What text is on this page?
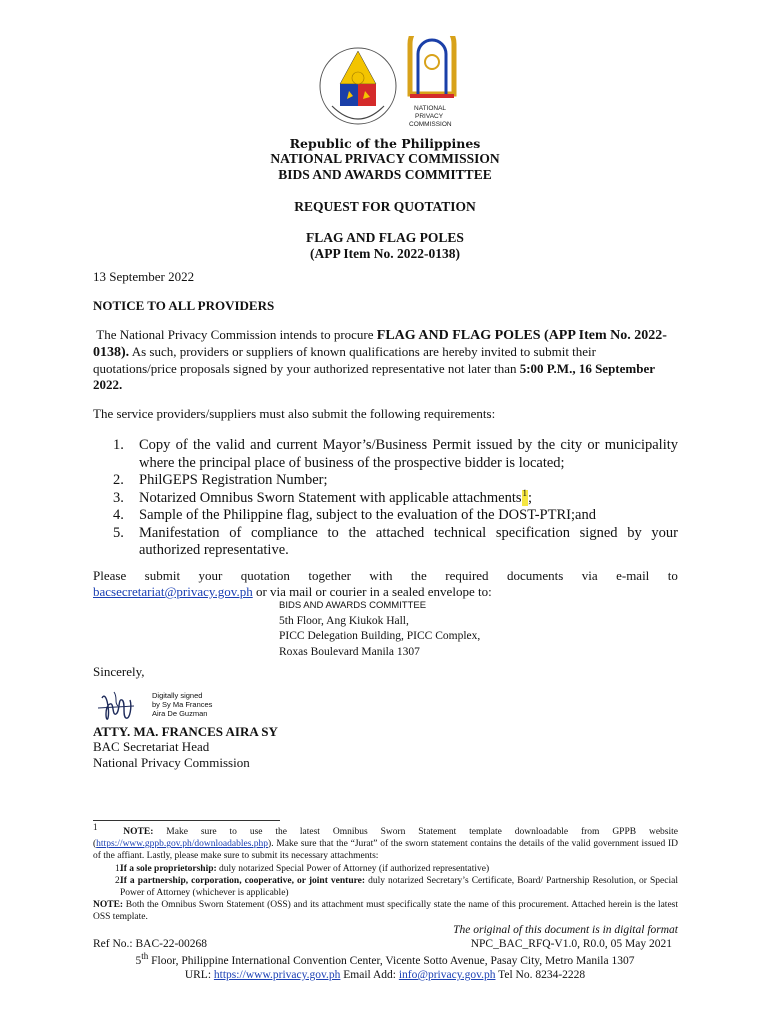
NATIONAL
PRIVACY
COMMISSION
Republic of the Philippines
NATIONAL PRIVACY COMMISSION
BIDS AND AWARDS COMMITTEE
REQUEST FOR QUOTATION
FLAG AND FLAG POLES
(APP Item No. 2022-0138)
13 September 2022
NOTICE TO ALL PROVIDERS
The National Privacy Commission intends to procure FLAG AND FLAG POLES (APP Item No. 2022-0138). As such, providers or suppliers of known qualifications are hereby invited to submit their quotations/price proposals signed by your authorized representative not later than 5:00 P.M., 16 September 2022.
The service providers/suppliers must also submit the following requirements:
1. Copy of the valid and current Mayor’s/Business Permit issued by the city or municipality where the principal place of business of the prospective bidder is located;
2. PhilGEPS Registration Number;
3. Notarized Omnibus Sworn Statement with applicable attachments$^1$;
4. Sample of the Philippine flag, subject to the evaluation of the DOST-PTRI;and
5. Manifestation of compliance to the attached technical specification signed by your authorized representative.
Please submit your quotation together with the required documents via e-mail to
bacsecretariat@privacy.gov.ph or via mail or courier in a sealed envelope to:
BIDS AND AWARDS COMMITTEE
5th Floor, Ang Kiukok Hall,
PICC Delegation Building, PICC Complex,
Roxas Boulevard Manila 1307
Sincerely,
Digitally signed
by Sy Ma Frances
Aira De Guzman
ATTY. MA. FRANCES AIRA SY
BAC Secretariat Head
National Privacy Commission
1  NOTE: Make sure to use the latest Omnibus Sworn Statement template downloadable from GPPB website (https://www.gppb.gov.ph/downloadables.php). Make sure that the “Jurat” of the sworn statement contains the details of the valid government issued ID of the affiant. Lastly, please make sure to submit its necessary attachments:
1.
If a sole proprietorship: duly notarized Special Power of Attorney (if authorized representative)
2.
If a partnership, corporation, cooperative, or joint venture: duly notarized Secretary’s Certificate, Board/ Partnership Resolution, or Special Power of Attorney (whichever is applicable)
NOTE: Both the Omnibus Sworn Statement (OSS) and its attachment must specifically state the name of this procurement. Attached herein is the latest OSS template.
The original of this document is in digital format
Ref No.: BAC-22-00268	NPC_BAC_RFQ-V1.0, R0.0, 05 May 2021
5th Floor, Philippine International Convention Center, Vicente Sotto Avenue, Pasay City, Metro Manila 1307
URL: https://www.privacy.gov.ph Email Add: info@privacy.gov.ph Tel No. 8234-2228
